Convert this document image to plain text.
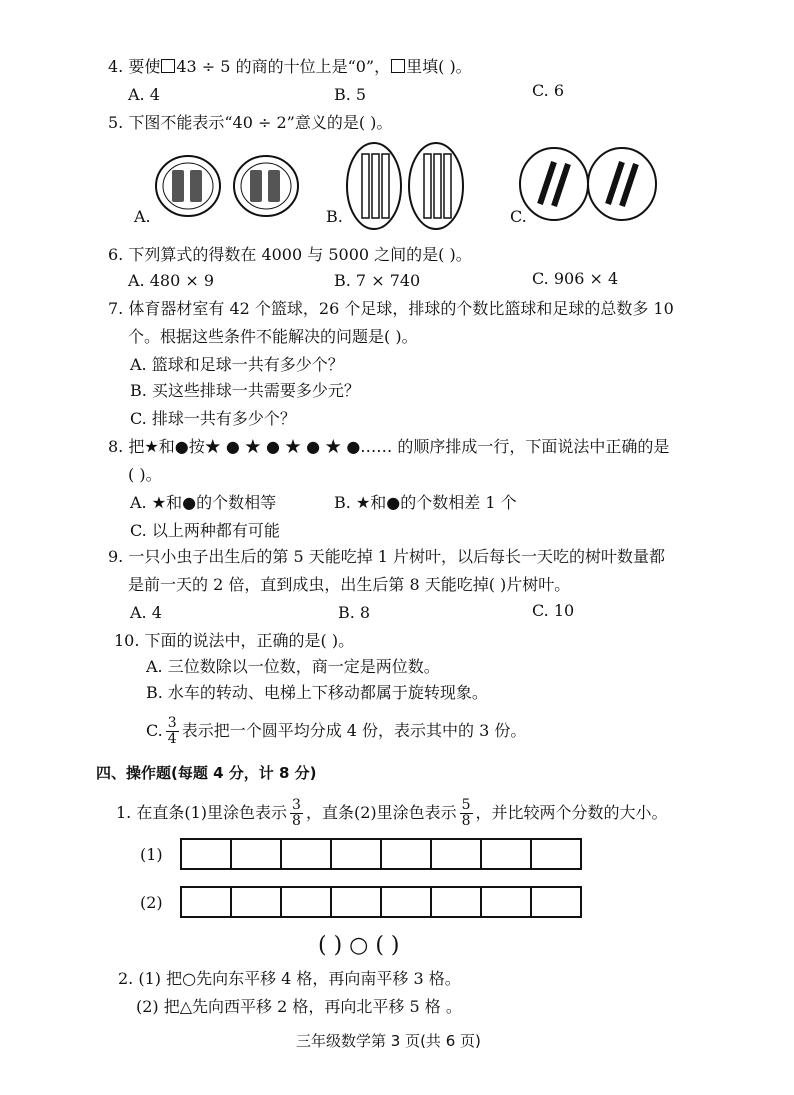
4. 要使 43 ÷ 5 的商的十位上是“0”， 里填( )。
A. 4	B. 5	C. 6
5. 下图不能表示“40 ÷ 2”意义的是( )。
A.	B.	C.
6. 下列算式的得数在 4000 与 5000 之间的是( )。
A. 480 × 9	B. 7 × 740	C. 906 × 4
7. 体育器材室有 42 个篮球，26 个足球，排球的个数比篮球和足球的总数多 10
个。根据这些条件不能解决的问题是( )。
A. 篮球和足球一共有多少个？
B. 买这些排球一共需要多少元？
C. 排球一共有多少个？
8. 把★和●按★ ● ★ ● ★ ● ★ ●…… 的顺序排成一行，下面说法中正确的是
( )。
A. ★和●的个数相等	B. ★和●的个数相差 1 个
C. 以上两种都有可能
9. 一只小虫子出生后的第 5 天能吃掉 1 片树叶，以后每长一天吃的树叶数量都
是前一天的 2 倍，直到成虫，出生后第 8 天能吃掉( )片树叶。
A. 4	B. 8	C. 10
10. 下面的说法中，正确的是( )。
A. 三位数除以一位数，商一定是两位数。
B. 水车的转动、电梯上下移动都属于旋转现象。
C. $\frac{3}{4}$ 表示把一个圆平均分成 4 份，表示其中的 3 份。
四、操作题(每题 4 分，计 8 分)
1. 在直条(1)里涂色表示 $\frac{3}{8}$ ，直条(2)里涂色表示 $\frac{5}{8}$ ，并比较两个分数的大小。
(1)
(2)
( ) ○ ( )
2. (1) 把○先向东平移 4 格，再向南平移 3 格。
(2) 把△先向西平移 2 格，再向北平移 5 格 。
三年级数学第 3 页(共 6 页)
